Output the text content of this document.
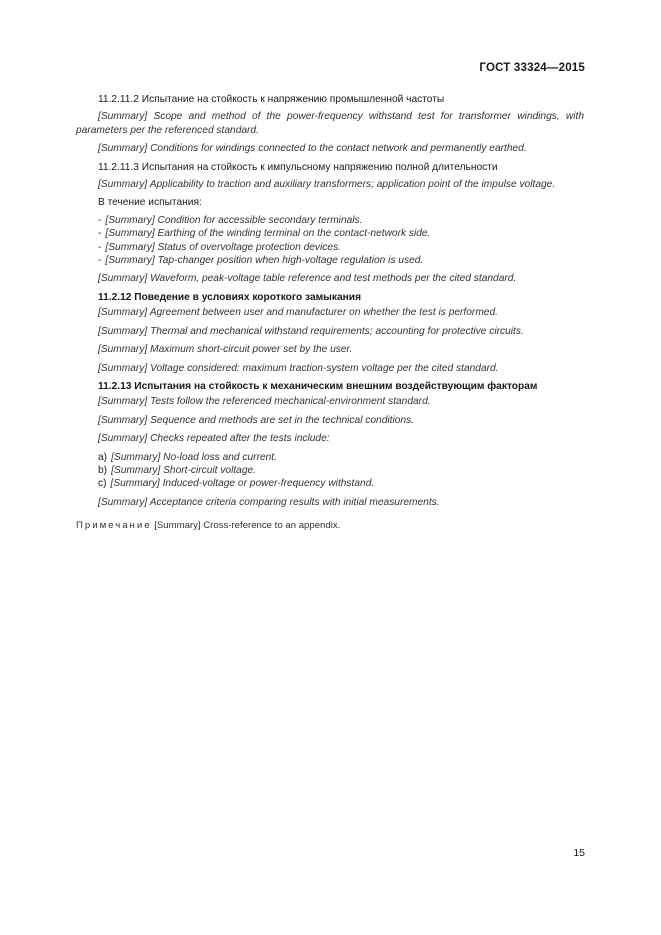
ГОСТ 33324—2015

11.2.11.2 Испытание на стойкость к напряжению промышленной частоты

[Summary] Scope and method of the power-frequency withstand test for transformer windings, with parameters per the referenced standard.

[Summary] Conditions for windings connected to the contact network and permanently earthed.

11.2.11.3 Испытания на стойкость к импульсному напряжению полной длительности

[Summary] Applicability to traction and auxiliary transformers; application point of the impulse voltage.

В течение испытания:

- [Summary] Condition for accessible secondary terminals.
- [Summary] Earthing of the winding terminal on the contact-network side.
- [Summary] Status of overvoltage protection devices.
- [Summary] Tap-changer position when high-voltage regulation is used.

[Summary] Waveform, peak-voltage table reference and test methods per the cited standard.

11.2.12 Поведение в условиях короткого замыкания

[Summary] Agreement between user and manufacturer on whether the test is performed.

[Summary] Thermal and mechanical withstand requirements; accounting for protective circuits.

[Summary] Maximum short-circuit power set by the user.

[Summary] Voltage considered: maximum traction-system voltage per the cited standard.

11.2.13 Испытания на стойкость к механическим внешним воздействующим факторам

[Summary] Tests follow the referenced mechanical-environment standard.

[Summary] Sequence and methods are set in the technical conditions.

[Summary] Checks repeated after the tests include:

a) [Summary] No-load loss and current.
b) [Summary] Short-circuit voltage.
c) [Summary] Induced-voltage or power-frequency withstand.

[Summary] Acceptance criteria comparing results with initial measurements.

Примечание [Summary] Cross-reference to an appendix.

15
